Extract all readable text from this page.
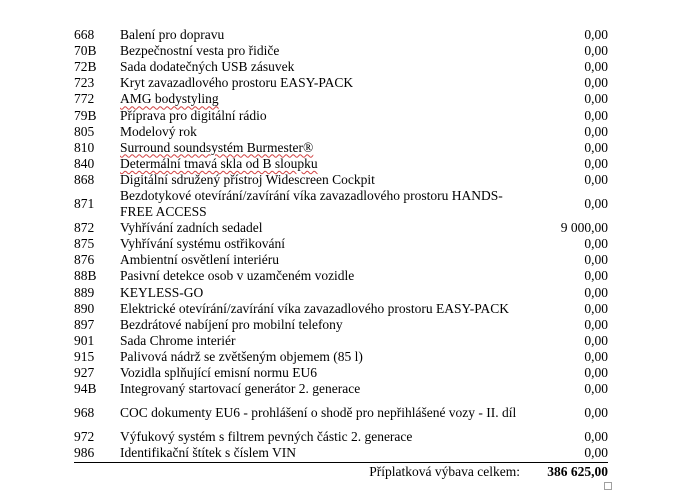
668	Balení pro dopravu	0,00
70B	Bezpečnostní vesta pro řidiče	0,00
72B	Sada dodatečných USB zásuvek	0,00
723	Kryt zavazadlového prostoru EASY-PACK	0,00
772	AMG bodystyling	0,00
79B	Příprava pro digitální rádio	0,00
805	Modelový rok	0,00
810	Surround soundsystém Burmester®	0,00
840	Determální tmavá skla od B sloupku	0,00
868	Digitální sdružený přístroj Widescreen Cockpit	0,00
871	Bezdotykové otevírání/zavírání víka zavazadlového prostoru HANDS-FREE ACCESS	0,00
872	Vyhřívání zadních sedadel	9 000,00
875	Vyhřívání systému ostřikování	0,00
876	Ambientní osvětlení interiéru	0,00
88B	Pasivní detekce osob v uzamčeném vozidle	0,00
889	KEYLESS-GO	0,00
890	Elektrické otevírání/zavírání víka zavazadlového prostoru EASY-PACK	0,00
897	Bezdrátové nabíjení pro mobilní telefony	0,00
901	Sada Chrome interiér	0,00
915	Palivová nádrž se zvětšeným objemem (85 l)	0,00
927	Vozidla splňující emisní normu EU6	0,00
94B	Integrovaný startovací generátor 2. generace	0,00
968	COC dokumenty EU6 - prohlášení o shodě pro nepřihlášené vozy - II. díl	0,00
972	Výfukový systém s filtrem pevných částic 2. generace	0,00
986	Identifikační štítek s číslem VIN	0,00
Příplatková výbava celkem: 386 625,00
